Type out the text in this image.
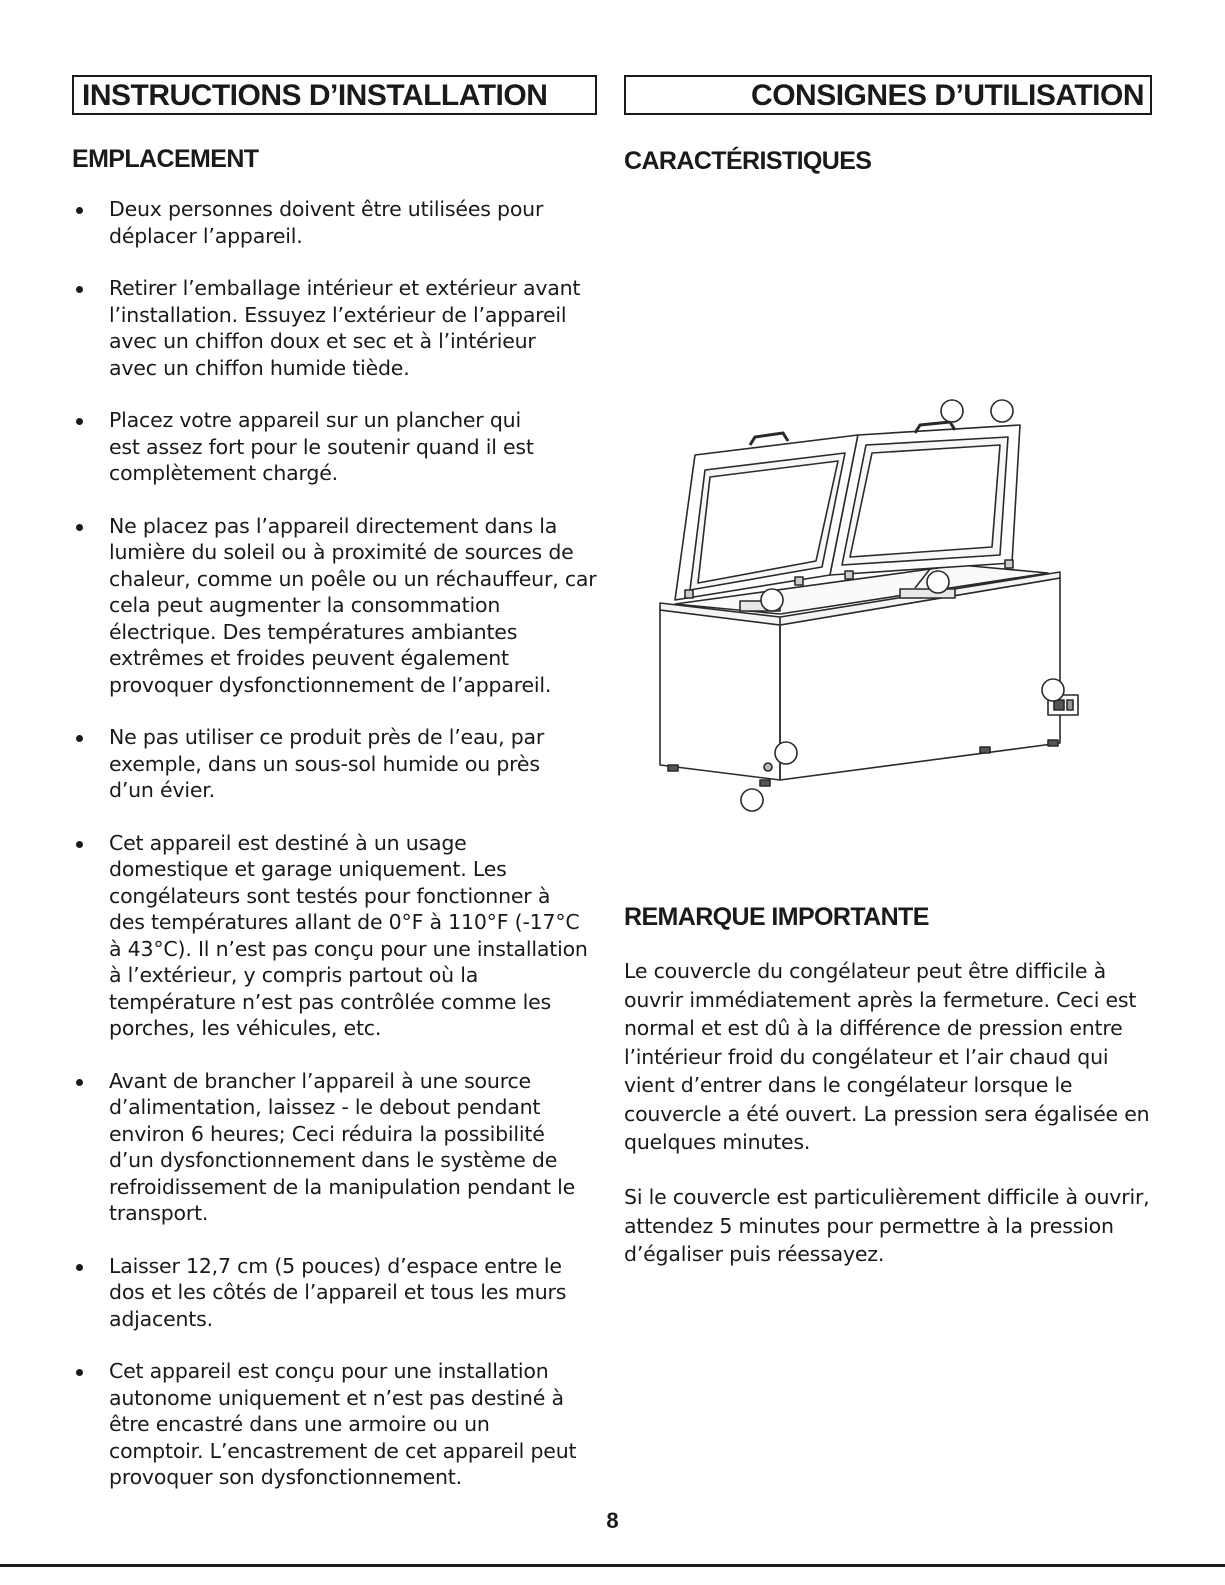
INSTRUCTIONS D’INSTALLATION	CONSIGNES D’UTILISATION
EMPLACEMENT	CARACTÉRISTIQUES
Deux personnes doivent être utilisées pour déplacer l’appareil.
Retirer l’emballage intérieur et extérieur avant l’installation. Essuyez l’extérieur de l’appareil avec un chiffon doux et sec et à l’intérieur avec un chiffon humide tiède.
Placez votre appareil sur un plancher qui est assez fort pour le soutenir quand il est complètement chargé.
Ne placez pas l’appareil directement dans la lumière du soleil ou à proximité de sources de chaleur, comme un poêle ou un réchauffeur, car cela peut augmenter la consommation électrique. Des températures ambiantes extrêmes et froides peuvent également provoquer dysfonctionnement de l’appareil.
Ne pas utiliser ce produit près de l’eau, par exemple, dans un sous-sol humide ou près d’un évier.
Cet appareil est destiné à un usage domestique et garage uniquement. Les congélateurs sont testés pour fonctionner à des températures allant de 0°F à 110°F (-17°C à 43°C). Il n’est pas conçu pour une installation à l’extérieur, y compris partout où la température n’est pas contrôlée comme les porches, les véhicules, etc.
Avant de brancher l’appareil à une source d’alimentation, laissez - le debout pendant environ 6 heures; Ceci réduira la possibilité d’un dysfonctionnement dans le système de refroidissement de la manipulation pendant le transport.
Laisser 12,7 cm (5 pouces) d’espace entre le dos et les côtés de l’appareil et tous les murs adjacents.
Cet appareil est conçu pour une installation autonome uniquement et n’est pas destiné à être encastré dans une armoire ou un comptoir. L’encastrement de cet appareil peut provoquer son dysfonctionnement.
REMARQUE IMPORTANTE

Le couvercle du congélateur peut être difficile à ouvrir immédiatement après la fermeture. Ceci est normal et est dû à la différence de pression entre l’intérieur froid du congélateur et l’air chaud qui vient d’entrer dans le congélateur lorsque le couvercle a été ouvert. La pression sera égalisée en quelques minutes.

Si le couvercle est particulièrement difficile à ouvrir, attendez 5 minutes pour permettre à la pression d’égaliser puis réessayez.

8
